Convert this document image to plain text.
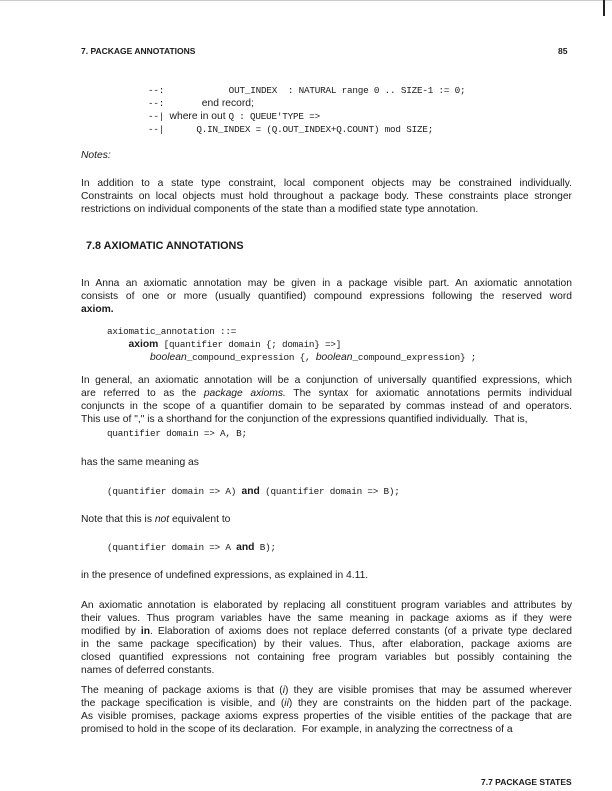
7. PACKAGE ANNOTATIONS	85
--:            OUT_INDEX  : NATURAL range 0 .. SIZE-1 := 0;
--:       end record;
--| where in out Q : QUEUE'TYPE =>
--|      Q.IN_INDEX = (Q.OUT_INDEX+Q.COUNT) mod SIZE;
Notes:
In addition to a state type constraint, local component objects may be constrained individually.
Constraints on local objects must hold throughout a package body. These constraints place stronger
restrictions on individual components of the state than a modified state type annotation.
7.8 AXIOMATIC ANNOTATIONS
In Anna an axiomatic annotation may be given in a package visible part. An axiomatic annotation
consists of one or more (usually quantified) compound expressions following the reserved word
axiom.
axiomatic_annotation ::=
axiom [quantifier domain {; domain} =>]
boolean_compound_expression {, boolean_compound_expression} ;
In general, an axiomatic annotation will be a conjunction of universally quantified expressions, which
are referred to as the package axioms. The syntax for axiomatic annotations permits individual
conjuncts in the scope of a quantifier domain to be separated by commas instead of and operators.
This use of "," is a shorthand for the conjunction of the expressions quantified individually.  That is,
quantifier domain => A, B;
has the same meaning as
(quantifier domain => A) and (quantifier domain => B);
Note that this is not equivalent to
(quantifier domain => A and B);
in the presence of undefined expressions, as explained in 4.11.
An axiomatic annotation is elaborated by replacing all constituent program variables and attributes by
their values. Thus program variables have the same meaning in package axioms as if they were
modified by in. Elaboration of axioms does not replace deferred constants (of a private type declared
in the same package specification) by their values. Thus, after elaboration, package axioms are
closed quantified expressions not containing free program variables but possibly containing the
names of deferred constants.
The meaning of package axioms is that (i) they are visible promises that may be assumed wherever
the package specification is visible, and (ii) they are constraints on the hidden part of the package.
As visible promises, package axioms express properties of the visible entities of the package that are
promised to hold in the scope of its declaration.  For example, in analyzing the correctness of a
7.7 PACKAGE STATES
